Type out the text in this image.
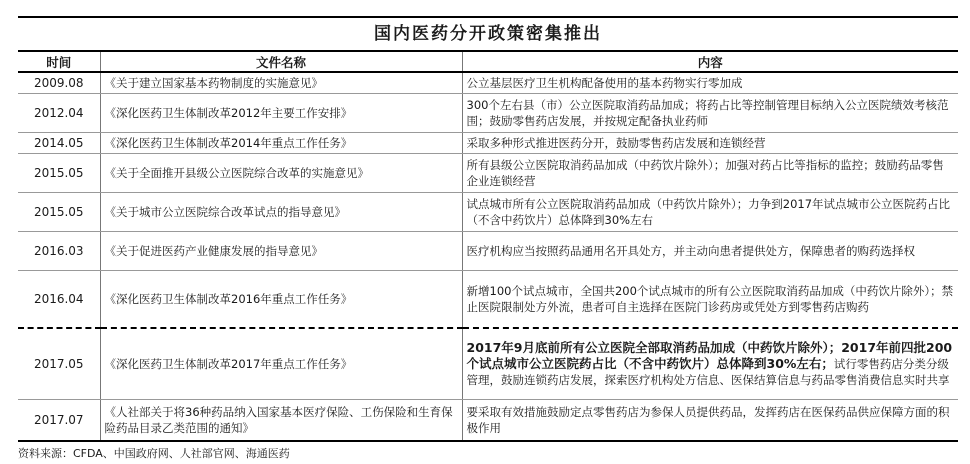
国内医药分开政策密集推出
时间	文件名称	内容
2009.08	《关于建立国家基本药物制度的实施意见》	公立基层医疗卫生机构配备使用的基本药物实行零加成
2012.04	《深化医药卫生体制改革2012年主要工作安排》	300个左右县（市）公立医院取消药品加成；将药占比等控制管理目标纳入公立医院绩效考核范围；鼓励零售药店发展，并按规定配备执业药师
2014.05	《深化医药卫生体制改革2014年重点工作任务》	采取多种形式推进医药分开，鼓励零售药店发展和连锁经营
2015.05	《关于全面推开县级公立医院综合改革的实施意见》	所有县级公立医院取消药品加成（中药饮片除外）；加强对药占比等指标的监控；鼓励药品零售企业连锁经营
2015.05	《关于城市公立医院综合改革试点的指导意见》	试点城市所有公立医院取消药品加成（中药饮片除外）；力争到2017年试点城市公立医院药占比（不含中药饮片）总体降到30%左右
2016.03	《关于促进医药产业健康发展的指导意见》	医疗机构应当按照药品通用名开具处方，并主动向患者提供处方，保障患者的购药选择权
2016.04	《深化医药卫生体制改革2016年重点工作任务》	新增100个试点城市，全国共200个试点城市的所有公立医院取消药品加成（中药饮片除外）；禁止医院限制处方外流，患者可自主选择在医院门诊药房或凭处方到零售药店购药
2017.05	《深化医药卫生体制改革2017年重点工作任务》	2017年9月底前所有公立医院全部取消药品加成（中药饮片除外）；2017年前四批200个试点城市公立医院药占比（不含中药饮片）总体降到30%左右；试行零售药店分类分级管理，鼓励连锁药店发展，探索医疗机构处方信息、医保结算信息与药品零售消费信息实时共享
2017.07	《人社部关于将36种药品纳入国家基本医疗保险、工伤保险和生育保险药品目录乙类范围的通知》	要采取有效措施鼓励定点零售药店为参保人员提供药品，发挥药店在医保药品供应保障方面的积极作用
资料来源：CFDA、中国政府网、人社部官网、海通医药
